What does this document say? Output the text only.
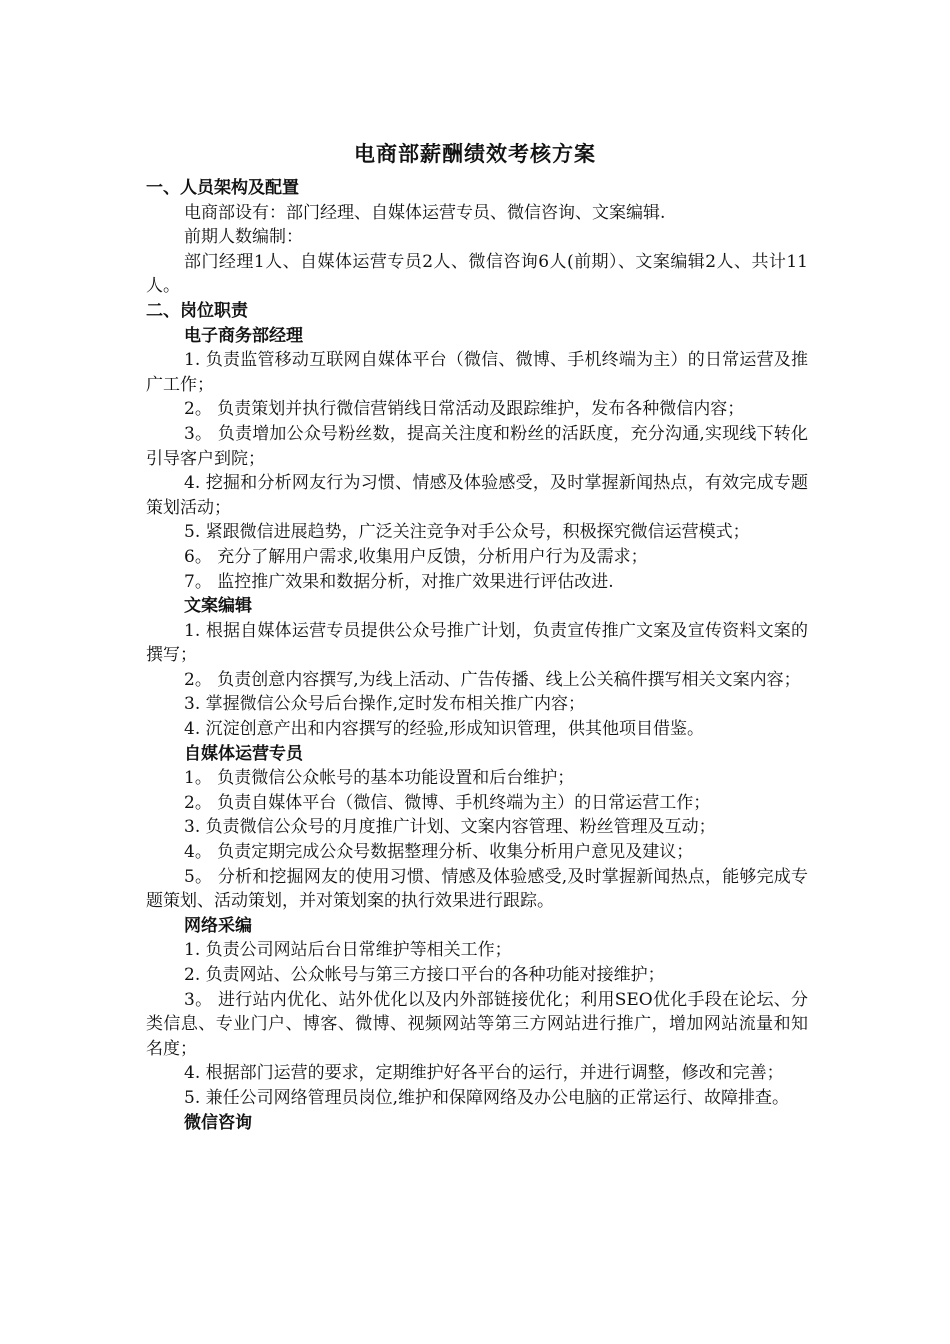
电商部薪酬绩效考核方案
一、人员架构及配置
电商部设有：部门经理、自媒体运营专员、微信咨询、文案编辑.
前期人数编制：
部门经理1人、自媒体运营专员2人、微信咨询6人(前期）、文案编辑2人、共计11人。
二、岗位职责
电子商务部经理
1. 负责监管移动互联网自媒体平台（微信、微博、手机终端为主）的日常运营及推广工作；
2。 负责策划并执行微信营销线日常活动及跟踪维护，发布各种微信内容；
3。 负责增加公众号粉丝数，提高关注度和粉丝的活跃度，充分沟通,实现线下转化引导客户到院；
4. 挖掘和分析网友行为习惯、情感及体验感受，及时掌握新闻热点，有效完成专题策划活动；
5. 紧跟微信进展趋势，广泛关注竞争对手公众号，积极探究微信运营模式；
6。 充分了解用户需求,收集用户反馈，分析用户行为及需求；
7。 监控推广效果和数据分析，对推广效果进行评估改进.
文案编辑
1. 根据自媒体运营专员提供公众号推广计划，负责宣传推广文案及宣传资料文案的撰写；
2。 负责创意内容撰写,为线上活动、广告传播、线上公关稿件撰写相关文案内容；
3. 掌握微信公众号后台操作,定时发布相关推广内容；
4. 沉淀创意产出和内容撰写的经验,形成知识管理，供其他项目借鉴。
自媒体运营专员
1。 负责微信公众帐号的基本功能设置和后台维护；
2。 负责自媒体平台（微信、微博、手机终端为主）的日常运营工作；
3. 负责微信公众号的月度推广计划、文案内容管理、粉丝管理及互动；
4。 负责定期完成公众号数据整理分析、收集分析用户意见及建议；
5。 分析和挖掘网友的使用习惯、情感及体验感受,及时掌握新闻热点，能够完成专题策划、活动策划，并对策划案的执行效果进行跟踪。
网络采编
1. 负责公司网站后台日常维护等相关工作；
2. 负责网站、公众帐号与第三方接口平台的各种功能对接维护；
3。 进行站内优化、站外优化以及内外部链接优化；利用SEO优化手段在论坛、分类信息、专业门户、博客、微博、视频网站等第三方网站进行推广，增加网站流量和知名度；
4. 根据部门运营的要求，定期维护好各平台的运行，并进行调整，修改和完善；
5. 兼任公司网络管理员岗位,维护和保障网络及办公电脑的正常运行、故障排查。
微信咨询
